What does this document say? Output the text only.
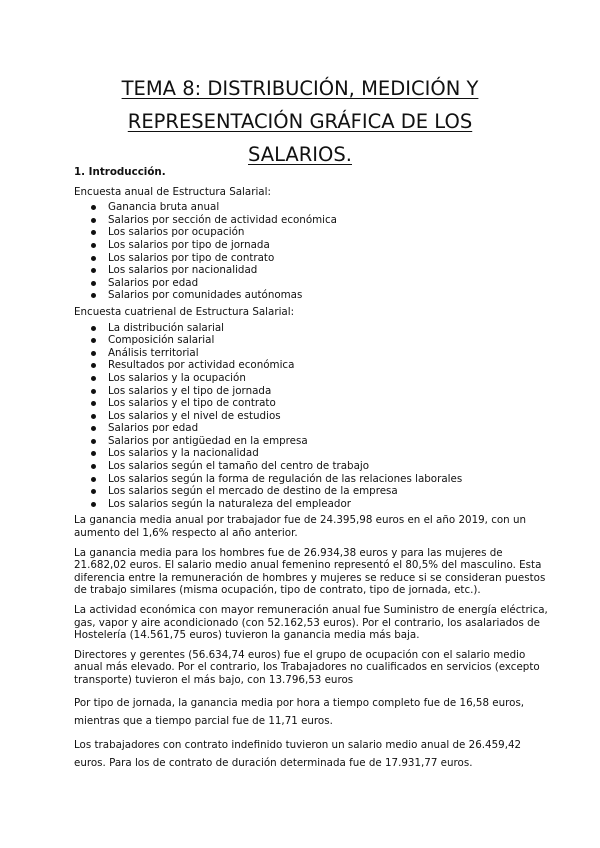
TEMA 8: DISTRIBUCIÓN, MEDICIÓN Y
REPRESENTACIÓN GRÁFICA DE LOS
SALARIOS.
1. Introducción.
Encuesta anual de Estructura Salarial:
Ganancia bruta anual
Salarios por sección de actividad económica
Los salarios por ocupación
Los salarios por tipo de jornada
Los salarios por tipo de contrato
Los salarios por nacionalidad
Salarios por edad
Salarios por comunidades autónomas
Encuesta cuatrienal de Estructura Salarial:
La distribución salarial
Composición salarial
Análisis territorial
Resultados por actividad económica
Los salarios y la ocupación
Los salarios y el tipo de jornada
Los salarios y el tipo de contrato
Los salarios y el nivel de estudios
Salarios por edad
Salarios por antigüedad en la empresa
Los salarios y la nacionalidad
Los salarios según el tamaño del centro de trabajo
Los salarios según la forma de regulación de las relaciones laborales
Los salarios según el mercado de destino de la empresa
Los salarios según la naturaleza del empleador
La ganancia media anual por trabajador fue de 24.395,98 euros en el año 2019, con un
aumento del 1,6% respecto al año anterior.
La ganancia media para los hombres fue de 26.934,38 euros y para las mujeres de
21.682,02 euros. El salario medio anual femenino representó el 80,5% del masculino. Esta
diferencia entre la remuneración de hombres y mujeres se reduce si se consideran puestos
de trabajo similares (misma ocupación, tipo de contrato, tipo de jornada, etc.).
La actividad económica con mayor remuneración anual fue Suministro de energía eléctrica,
gas, vapor y aire acondicionado (con 52.162,53 euros). Por el contrario, los asalariados de
Hostelería (14.561,75 euros) tuvieron la ganancia media más baja.
Directores y gerentes (56.634,74 euros) fue el grupo de ocupación con el salario medio
anual más elevado. Por el contrario, los Trabajadores no cualificados en servicios (excepto
transporte) tuvieron el más bajo, con 13.796,53 euros
Por tipo de jornada, la ganancia media por hora a tiempo completo fue de 16,58 euros,
mientras que a tiempo parcial fue de 11,71 euros.
Los trabajadores con contrato indefinido tuvieron un salario medio anual de 26.459,42
euros. Para los de contrato de duración determinada fue de 17.931,77 euros.
